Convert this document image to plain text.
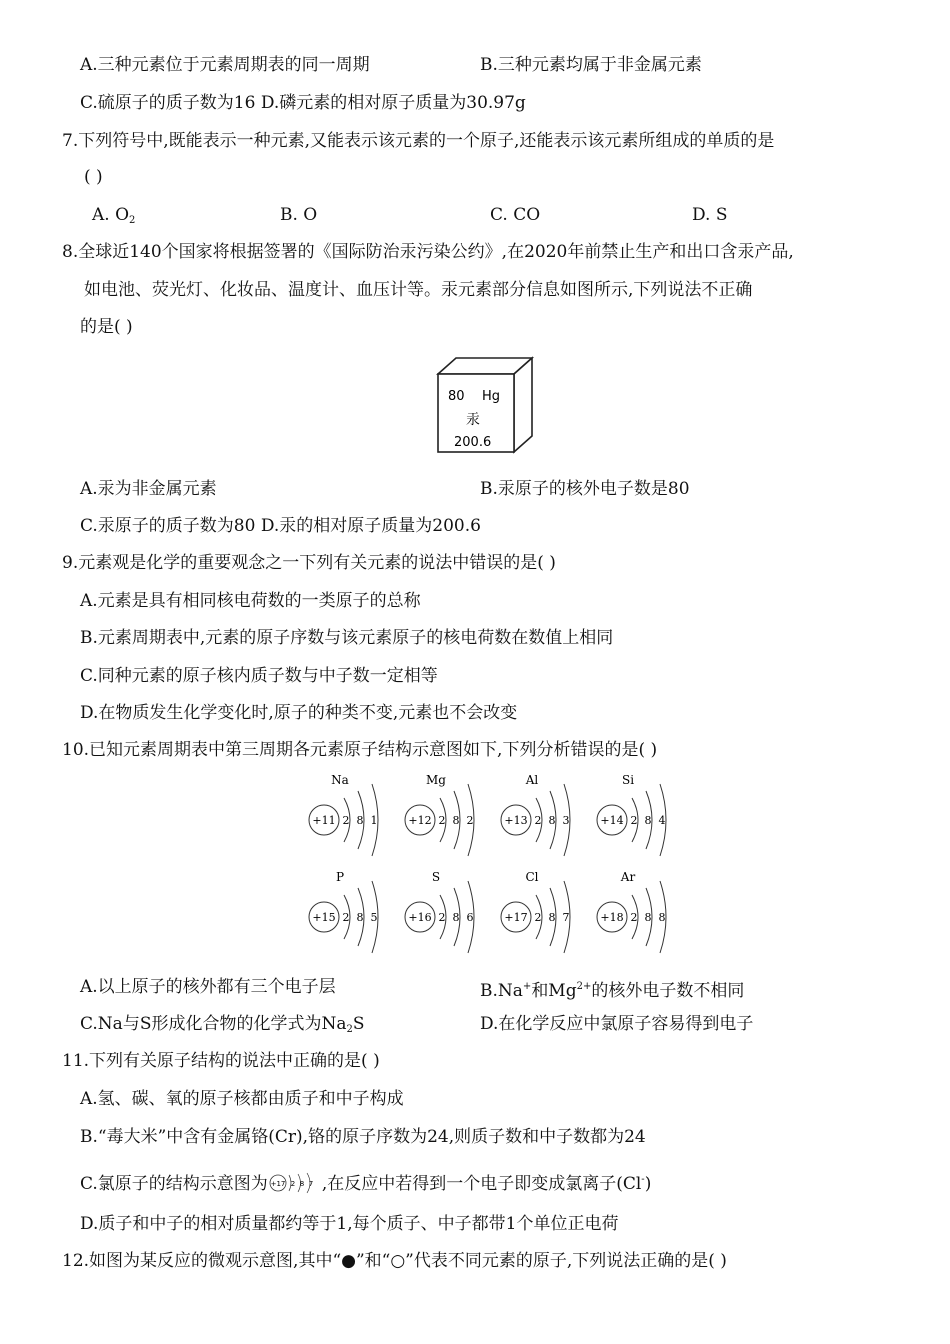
A.三种元素位于元素周期表的同一周期	B.三种元素均属于非金属元素
C.硫原子的质子数为16 D.磷元素的相对原子质量为30.97g
7.下列符号中,既能表示一种元素,又能表示该元素的一个原子,还能表示该元素所组成的单质的是
( )
A. $O_2$	B. O	C. CO	D. S
8.全球近140个国家将根据签署的《国际防治汞污染公约》,在2020年前禁止生产和出口含汞产品,
如电池、荧光灯、化妆品、温度计、血压计等。汞元素部分信息如图所示,下列说法不正确
的是( )
80 Hg
汞
200.6
A.汞为非金属元素	B.汞原子的核外电子数是80
C.汞原子的质子数为80 D.汞的相对原子质量为200.6
9.元素观是化学的重要观念之一下列有关元素的说法中错误的是( )
A.元素是具有相同核电荷数的一类原子的总称
B.元素周期表中,元素的原子序数与该元素原子的核电荷数在数值上相同
C.同种元素的原子核内质子数与中子数一定相等
D.在物质发生化学变化时,原子的种类不变,元素也不会改变
10.已知元素周期表中第三周期各元素原子结构示意图如下,下列分析错误的是( )
Na
+11 2 8 1
Mg
+12 2 8 2
Al
+13 2 8 3
Si
+14 2 8 4
P
+15 2 8 5
S
+16 2 8 6
Cl
+17 2 8 7
Ar
+18 2 8 8
A.以上原子的核外都有三个电子层	B.Na+和$Mg^{2+}$的核外电子数不相同
C.Na与S形成化合物的化学式为$Na_2S$	D.在化学反应中氯原子容易得到电子
11.下列有关原子结构的说法中正确的是( )
A.氢、碳、氧的原子核都由质子和中子构成
B.“毒大米”中含有金属铬(Cr),铬的原子序数为24,则质子数和中子数都为24
C.氯原子的结构示意图为 +17 2 8 7 ,在反应中若得到一个电子即变成氯离子(Cl-)
D.质子和中子的相对质量都约等于1,每个质子、中子都带1个单位正电荷
12.如图为某反应的微观示意图,其中“●”和“○”代表不同元素的原子,下列说法正确的是( )
